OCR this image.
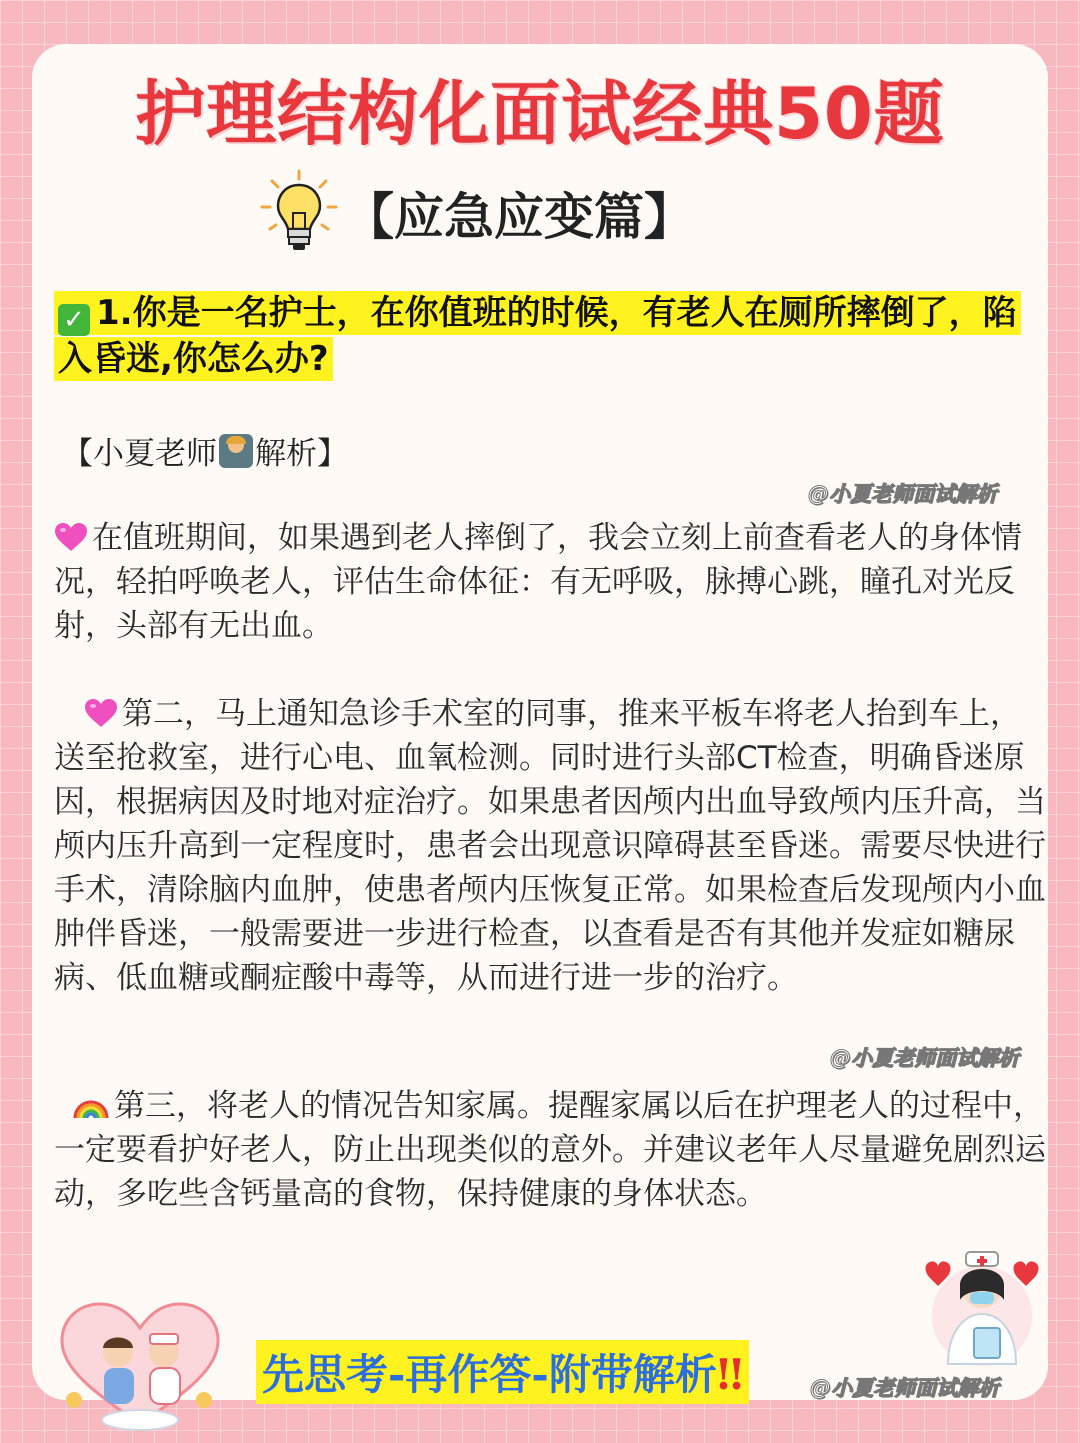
护理结构化面试经典50题
【应急应变篇】
✓ 1.你是一名护士，在你值班的时候，有老人在厕所摔倒了，陷入昏迷,你怎么办?
【小夏老师 解析】
@小夏老师面试解析
在值班期间，如果遇到老人摔倒了，我会立刻上前查看老人的身体情况，轻拍呼唤老人，评估生命体征：有无呼吸，脉搏心跳，瞳孔对光反射，头部有无出血。
第二，马上通知急诊手术室的同事，推来平板车将老人抬到车上，送至抢救室，进行心电、血氧检测。同时进行头部CT检查，明确昏迷原因，根据病因及时地对症治疗。如果患者因颅内出血导致颅内压升高，当颅内压升高到一定程度时，患者会出现意识障碍甚至昏迷。需要尽快进行手术，清除脑内血肿，使患者颅内压恢复正常。如果检查后发现颅内小血肿伴昏迷，一般需要进一步进行检查，以查看是否有其他并发症如糖尿病、低血糖或酮症酸中毒等，从而进行进一步的治疗。
@小夏老师面试解析
第三，将老人的情况告知家属。提醒家属以后在护理老人的过程中，一定要看护好老人，防止出现类似的意外。并建议老年人尽量避免剧烈运动，多吃些含钙量高的食物，保持健康的身体状态。
先思考-再作答-附带解析‼	@小夏老师面试解析
